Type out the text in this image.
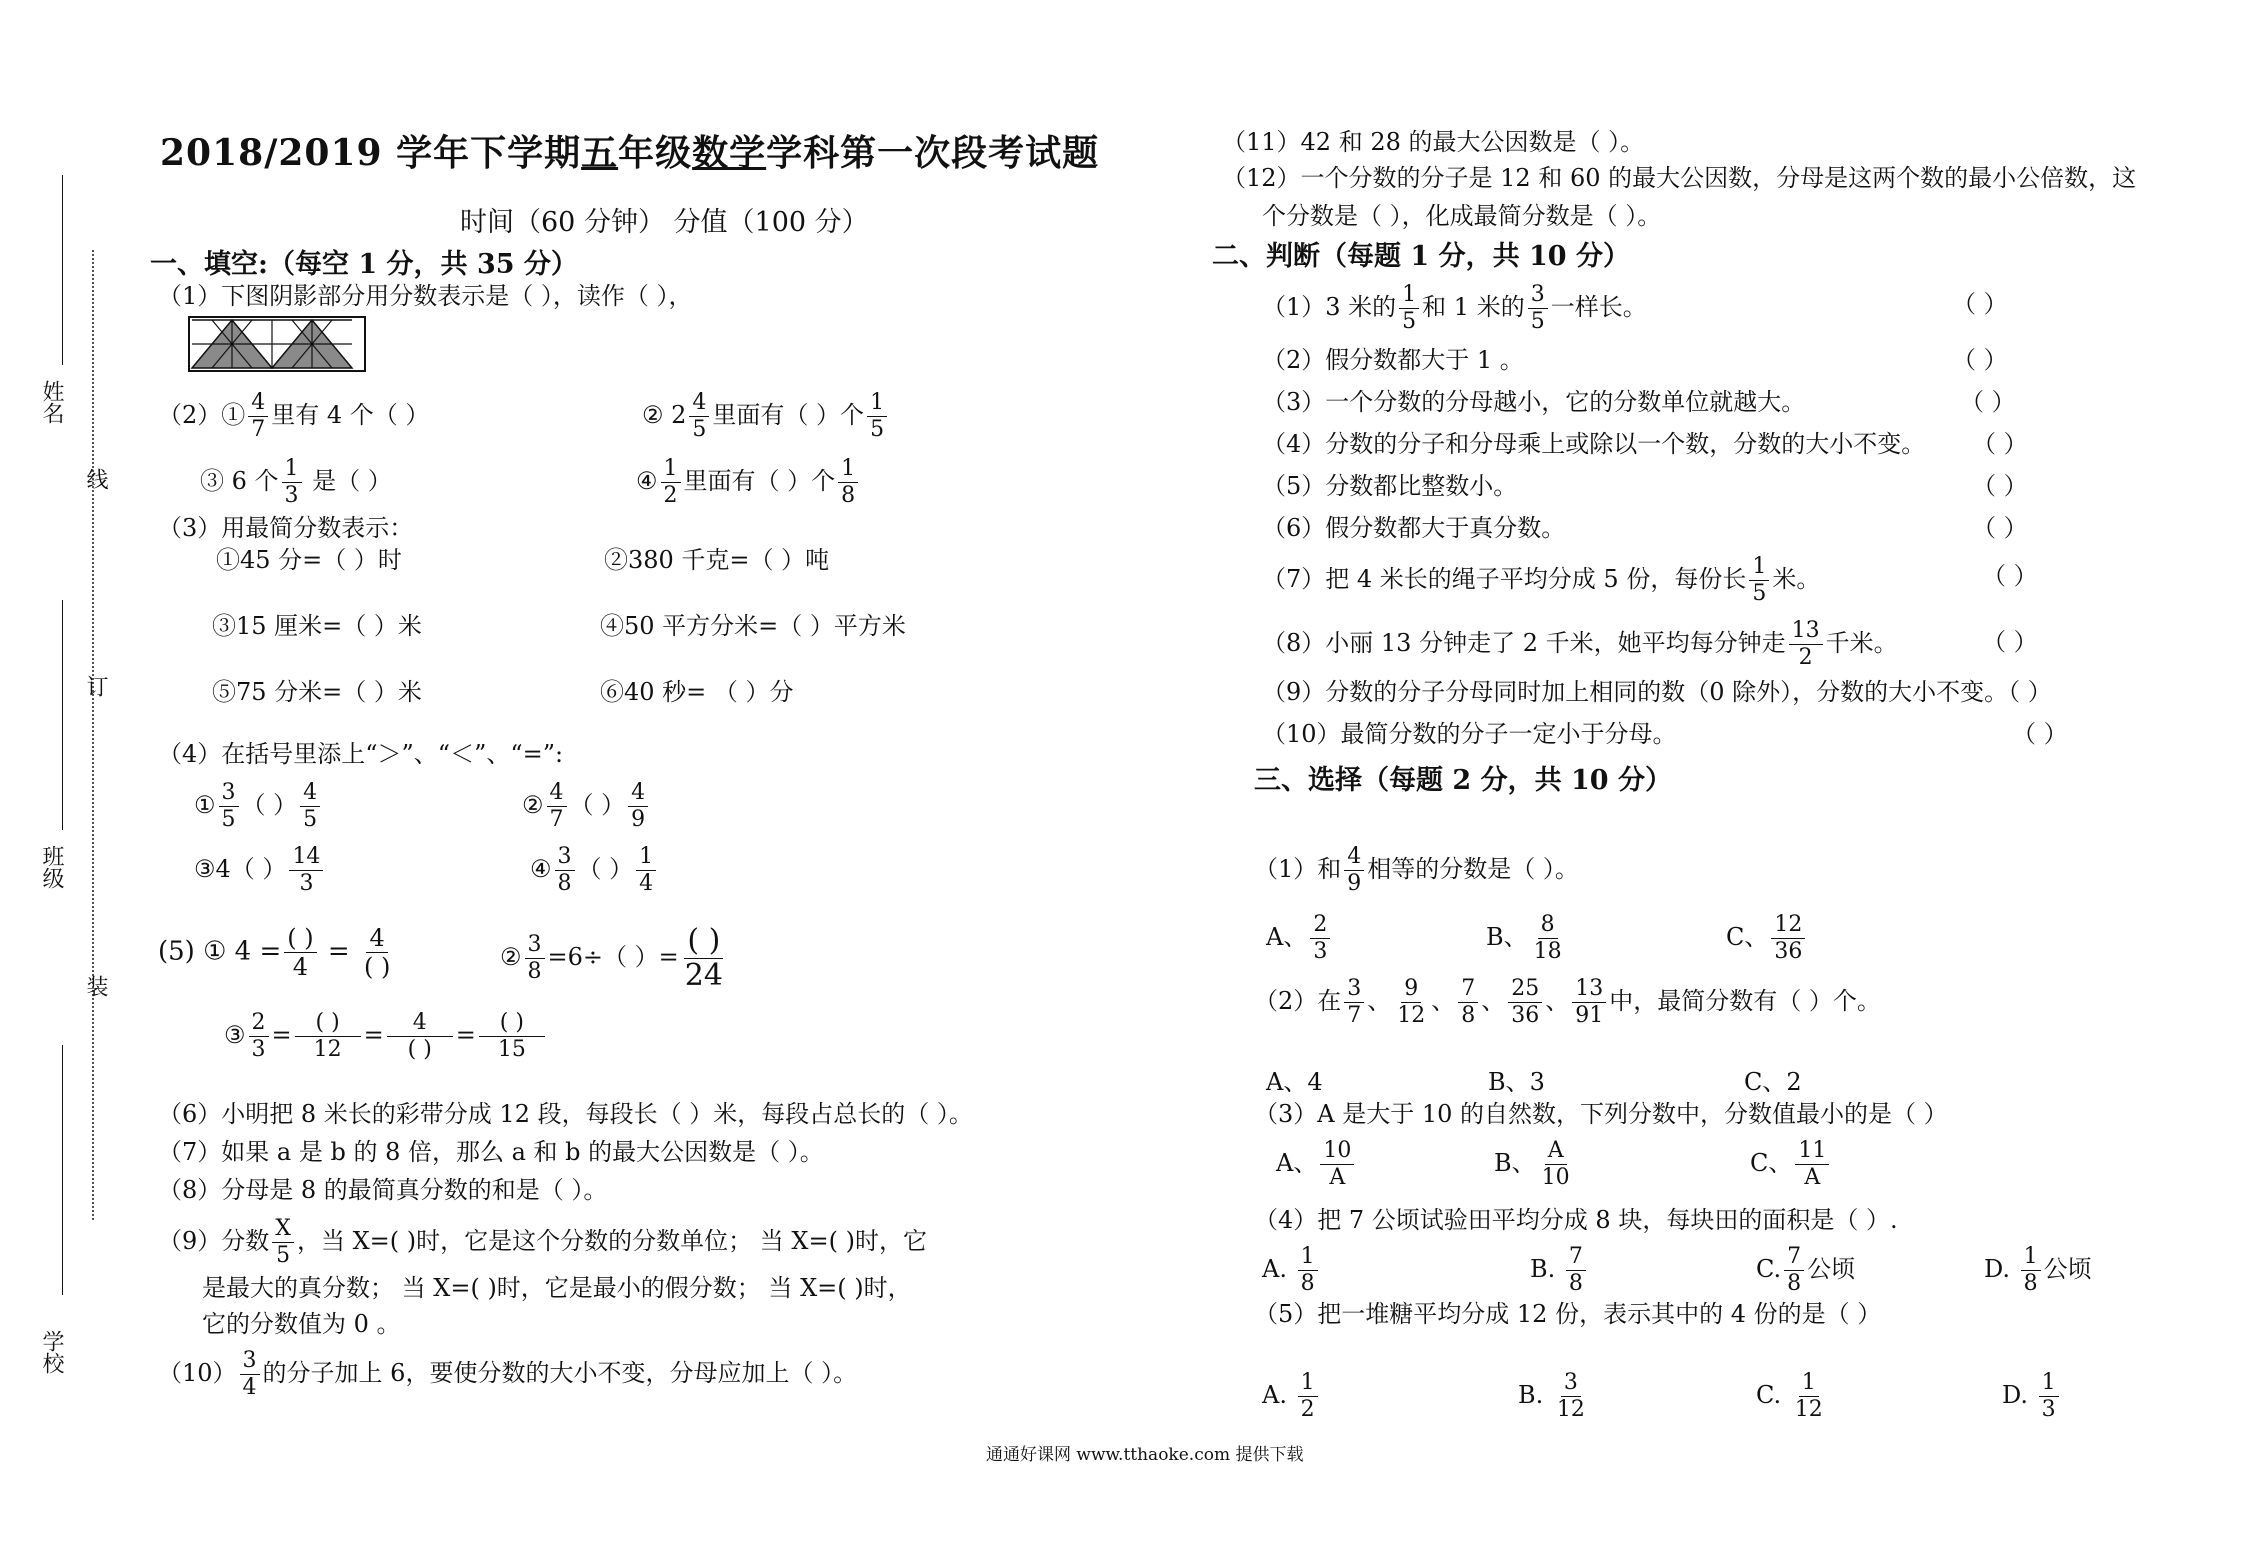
姓名
线
订
班级
装
学校
2018/2019 学年下学期五年级数学学科第一次段考试题
时间（60 分钟） 分值（100 分）
一、填空:（每空 1 分，共 35 分）
（1）下图阴影部分用分数表示是（ ），读作（ ），
（2）① $\frac{4}{7}$ 里有 4 个（ ）	② $2 \frac{4}{5}$ 里面有（ ）个 $\frac{1}{5}$
③ 6 个 $\frac{1}{3}$ 是（ ）	④ $\frac{1}{2}$ 里面有（ ）个 $\frac{1}{8}$
（3）用最简分数表示：
①45 分=（ ）时	②380 千克=（ ）吨
③15 厘米=（ ）米	④50 平方分米=（ ）平方米
⑤75 分米=（ ）米	⑥40 秒= （ ）分
（4）在括号里添上“＞”、“＜”、“=”:
① $\frac{3}{5}$ （ ） $\frac{4}{5}$	② $\frac{4}{7}$ （ ） $\frac{4}{9}$
③4（ ） $\frac{14}{3}$	④ $\frac{3}{8}$ （ ） $\frac{1}{4}$
(5) ① $4 = \frac{( )}{4} = \frac{4}{( )}$	② $\frac{3}{8} =6\div$（ ）= $\frac{( )}{24}$
③ $\frac{2}{3} = \frac{( )}{12} = \frac{4}{( )} = \frac{( )}{15}$
（6）小明把 8 米长的彩带分成 12 段，每段长（ ）米，每段占总长的（ ）。
（7）如果 a 是 b 的 8 倍，那么 a 和 b 的最大公因数是（ ）。
（8）分母是 8 的最简真分数的和是（ ）。
（9）分数 $\frac{X}{5}$ ，当 X=( )时，它是这个分数的分数单位； 当 X=( )时，它
是最大的真分数； 当 X=( )时，它是最小的假分数； 当 X=( )时，
它的分数值为 0 。
$(10) \frac{3}{4}$ 的分子加上 6，要使分数的大小不变，分母应加上（ ）。
（11）42 和 28 的最大公因数是（ ）。
（12）一个分数的分子是 12 和 60 的最大公因数，分母是这两个数的最小公倍数，这
个分数是（ ），化成最简分数是（ ）。
二、判断（每题 1 分，共 10 分）
（1）3 米的 $\frac{1}{5}$ 和 1 米的 $\frac{3}{5}$ 一样长。	（ ）
（2）假分数都大于 1 。	（ ）
（3）一个分数的分母越小，它的分数单位就越大。	（ ）
（4）分数的分子和分母乘上或除以一个数，分数的大小不变。 （ ）
（5）分数都比整数小。	（ ）
（6）假分数都大于真分数。	（ ）
（7）把 4 米长的绳子平均分成 5 份，每份长 $\frac{1}{5}$ 米。	（ ）
（8）小丽 13 分钟走了 2 千米，她平均每分钟走 $\frac{13}{2}$ 千米。	（ ）
（9）分数的分子分母同时加上相同的数（0 除外），分数的大小不变。（ ）
（10）最简分数的分子一定小于分母。	（ ）
三、选择（每题 2 分，共 10 分）
（1）和 $\frac{4}{9}$ 相等的分数是（ ）。
A、 $\frac{2}{3}$	B、 $\frac{8}{18}$	C、 $\frac{12}{36}$
（2）在 $\frac{3}{7}$ 、 $\frac{9}{12}$ 、 $\frac{7}{8}$ 、 $\frac{25}{36}$ 、 $\frac{13}{91}$ 中，最简分数有（ ）个。
A、4	B、3	C、2
（3）A 是大于 10 的自然数，下列分数中，分数值最小的是（ ）
A、 $\frac{10}{A}$	B、 $\frac{A}{10}$	C、 $\frac{11}{A}$
（4）把 7 公顷试验田平均分成 8 块，每块田的面积是（ ）.
A. $\frac{1}{8}$	B. $\frac{7}{8}$	C. $\frac{7}{8}$ 公顷	D. $\frac{1}{8}$ 公顷
（5）把一堆糖平均分成 12 份，表示其中的 4 份的是（ ）
A. $\frac{1}{2}$	B. $\frac{3}{12}$	C. $\frac{1}{12}$	D. $\frac{1}{3}$
通通好课网 www.tthaoke.com 提供下载
